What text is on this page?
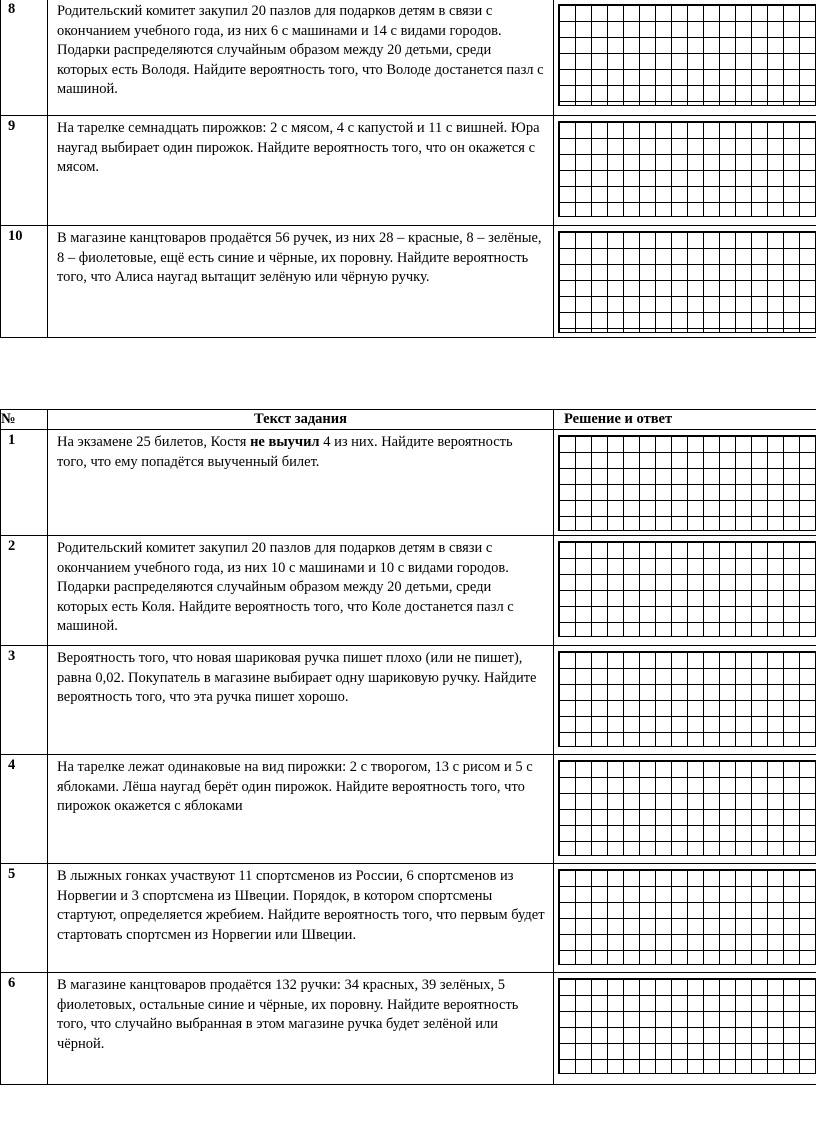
8	Родительский комитет закупил 20 пазлов для подарков детям в связи с окончанием учебного года, из них 6 с машинами и 14 с видами городов. Подарки распределяются случайным образом между 20 детьми, среди которых есть Володя. Найдите вероятность того, что Володе достанется пазл с машиной.	

9	На тарелке семнадцать пирожков: 2 с мясом, 4 с капустой и 11 с вишней. Юра наугад выбирает один пирожок. Найдите вероятность того, что он окажется с мясом.	

10	В магазине канцтоваров продаётся 56 ручек, из них 28 – красные, 8 – зелёные, 8 – фиолетовые, ещё есть синие и чёрные, их поровну. Найдите вероятность того, что Алиса наугад вытащит зелёную или чёрную ручку.	
№	Текст задания	Решение и ответ
1	На экзамене 25 билетов, Костя не выучил 4 из них. Найдите вероятность того, что ему попадётся выученный билет.	

2	Родительский комитет закупил 20 пазлов для подарков детям в связи с окончанием учебного года, из них 10 с машинами и 10 с видами городов. Подарки распределяются случайным образом между 20 детьми, среди которых есть Коля. Найдите вероятность того, что Коле достанется пазл с машиной.	

3	Вероятность того, что новая шариковая ручка пишет плохо (или не пишет), равна 0,02. Покупатель в магазине выбирает одну шариковую ручку. Найдите вероятность того, что эта ручка пишет хорошо.	

4	На тарелке лежат одинаковые на вид пирожки: 2 с творогом, 13 с рисом и 5 с яблоками. Лёша наугад берёт один пирожок. Найдите вероятность того, что пирожок окажется с яблоками	

5	В лыжных гонках участвуют 11 спортсменов из России, 6 спортсменов из Норвегии и 3 спортсмена из Швеции. Порядок, в котором спортсмены стартуют, определяется жребием. Найдите вероятность того, что первым будет стартовать спортсмен из Норвегии или Швеции.	

6	В магазине канцтоваров продаётся 132 ручки: 34 красных, 39 зелёных, 5 фиолетовых, остальные синие и чёрные, их поровну. Найдите вероятность того, что случайно выбранная в этом магазине ручка будет зелёной или чёрной.	
